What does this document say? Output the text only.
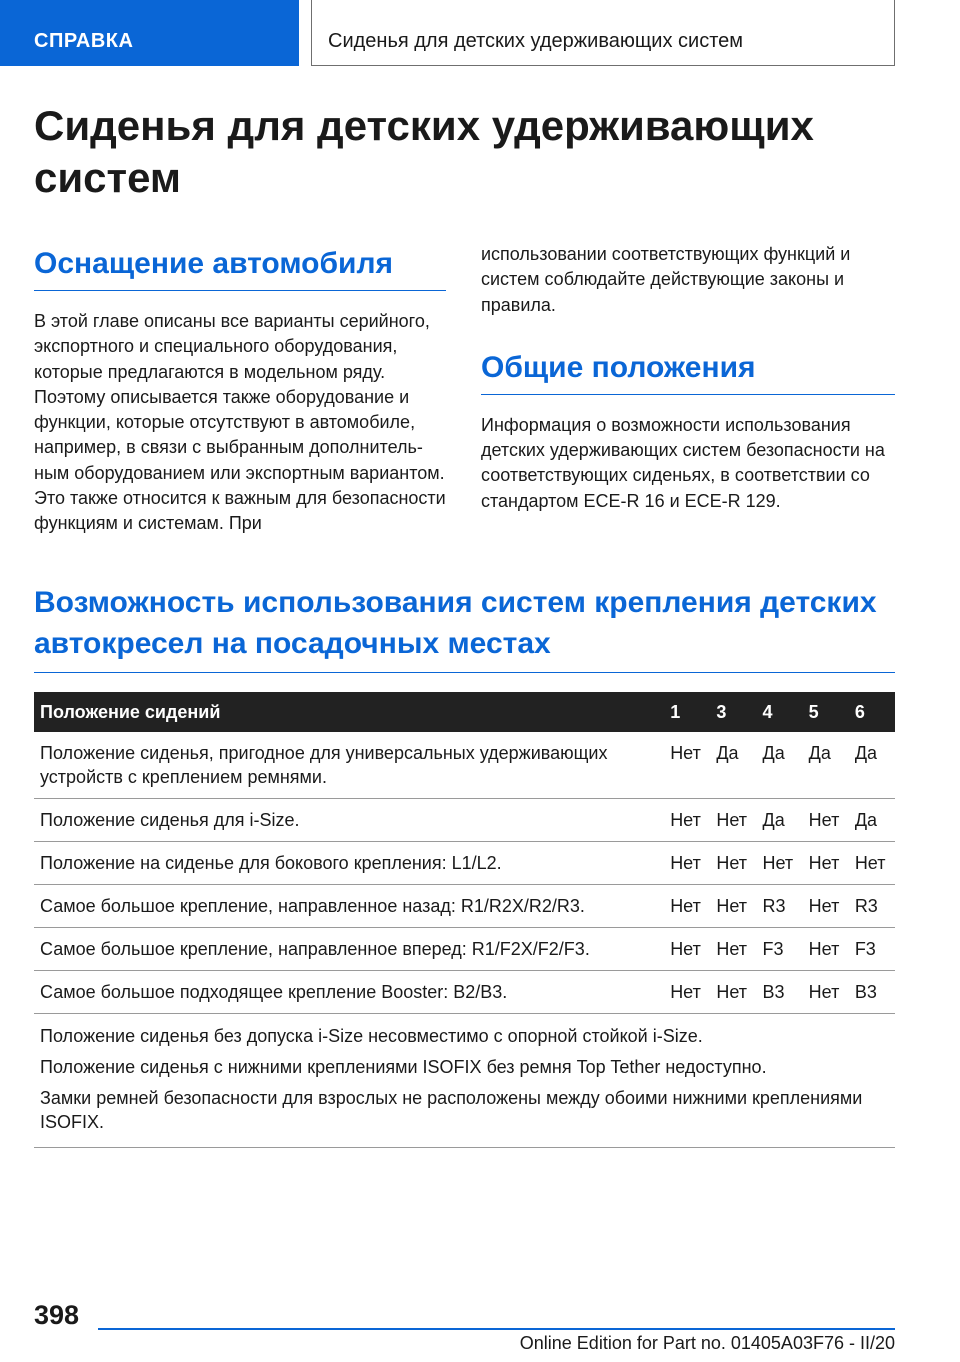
СПРАВКА	Сиденья для детских удерживающих систем
Сиденья для детских удерживающих систем
Оснащение автомобиля

В этой главе описаны все варианты серийного, экспортного и специального оборудования, которые предлагаются в модельном ряду. Поэтому описывается также оборудование и функции, которые отсутствуют в автомобиле, например, в связи с выбранным дополнительным оборудованием или экспортным вариантом. Это также относится к важным для безопасности функциям и системам. При

использовании соответствующих функций и систем соблюдайте действующие законы и правила.

Общие положения

Информация о возможности использования детских удерживающих систем безопасности на соответствующих сиденьях, в соответствии со стандартом ECE-R 16 и ECE-R 129.

Возможность использования систем крепления детских автокресел на посадочных местах
Положение сидений	1	3	4	5	6
Положение сиденья, пригодное для универсальных удерживающих устройств с креплением ремнями.	Нет	Да	Да	Да	Да
Положение сиденья для i-Size.	Нет	Нет	Да	Нет	Да
Положение на сиденье для бокового крепления: L1/L2.	Нет	Нет	Нет	Нет	Нет
Самое большое крепление, направленное назад: R1/R2X/R2/R3.	Нет	Нет	R3	Нет	R3
Самое большое крепление, направленное вперед: R1/F2X/F2/F3.	Нет	Нет	F3	Нет	F3
Самое большое подходящее крепление Booster: B2/B3.	Нет	Нет	B3	Нет	B3

Положение сиденья без допуска i-Size несовместимо с опорной стойкой i-Size.

Положение сиденья с нижними креплениями ISOFIX без ремня Top Tether недоступно.

Замки ремней безопасности для взрослых не расположены между обоими нижними креплениями ISOFIX.					

398
Online Edition for Part no. 01405A03F76 - II/20
